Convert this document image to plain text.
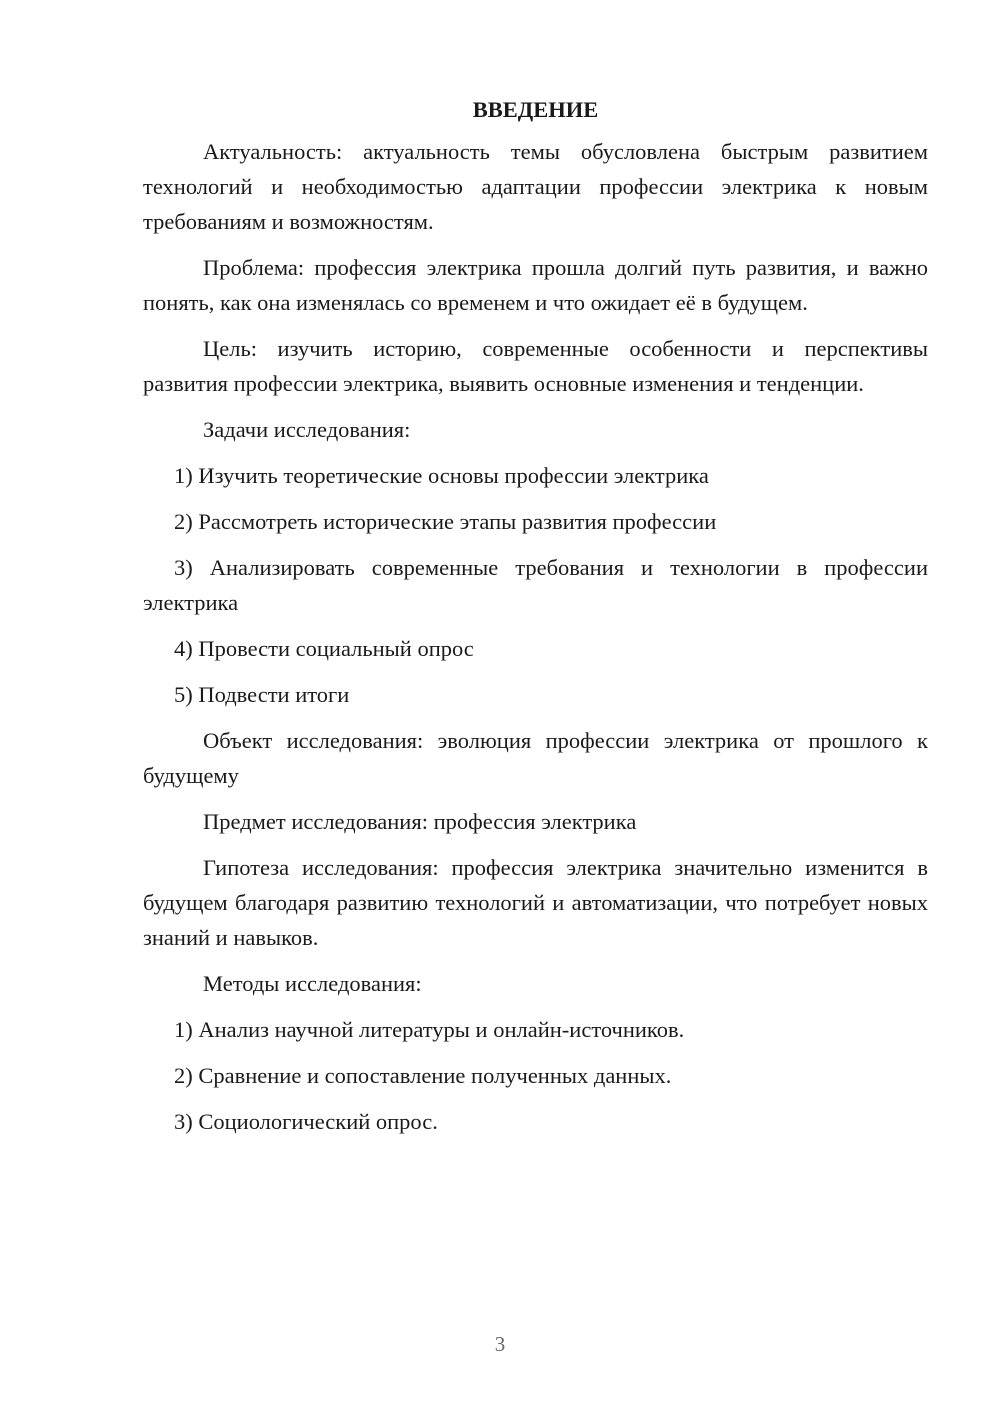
ВВЕДЕНИЕ

Актуальность: актуальность темы обусловлена быстрым развитием технологий и необходимостью адаптации профессии электрика к новым требованиям и возможностям.

Проблема: профессия электрика прошла долгий путь развития, и важно понять, как она изменялась со временем и что ожидает её в будущем.

Цель: изучить историю, современные особенности и перспективы развития профессии электрика, выявить основные изменения и тенденции.

Задачи исследования:

1) Изучить теоретические основы профессии электрика

2) Рассмотреть исторические этапы развития профессии

3) Анализировать современные требования и технологии в профессии электрика

4) Провести социальный опрос

5) Подвести итоги

Объект исследования: эволюция профессии электрика от прошлого к будущему

Предмет исследования: профессия электрика

Гипотеза исследования: профессия электрика значительно изменится в будущем благодаря развитию технологий и автоматизации, что потребует новых знаний и навыков.

Методы исследования:

1) Анализ научной литературы и онлайн-источников.

2) Сравнение и сопоставление полученных данных.

3) Социологический опрос.

3
